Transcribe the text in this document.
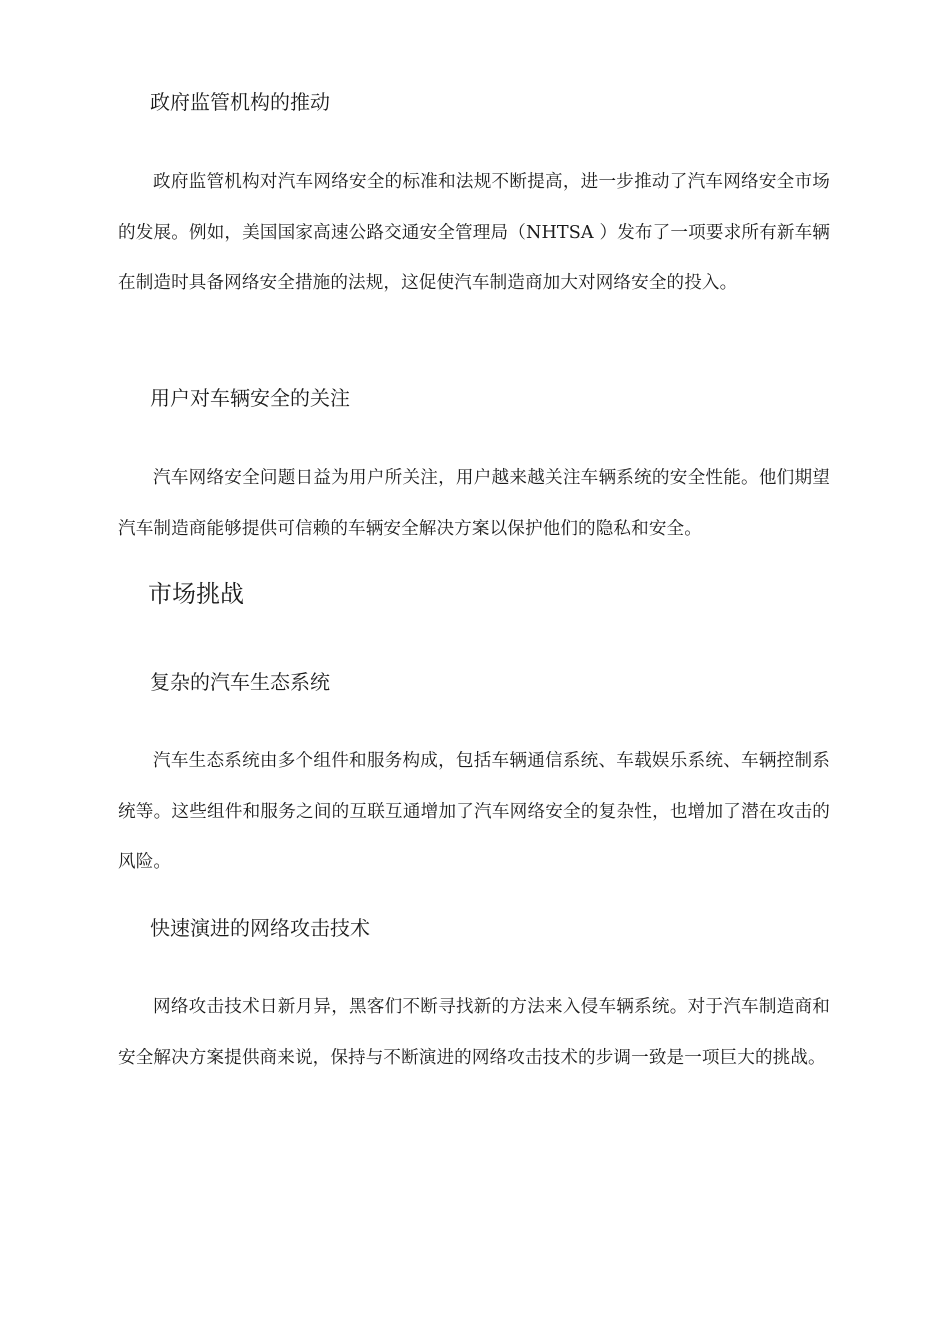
政府监管机构的推动

政府监管机构对汽车网络安全的标准和法规不断提高，进一步推动了汽车网络安全市场的发展。例如，美国国家高速公路交通安全管理局（NHTSA ）发布了一项要求所有新车辆在制造时具备网络安全措施的法规，这促使汽车制造商加大对网络安全的投入。

用户对车辆安全的关注

汽车网络安全问题日益为用户所关注，用户越来越关注车辆系统的安全性能。他们期望汽车制造商能够提供可信赖的车辆安全解决方案以保护他们的隐私和安全。

市场挑战
复杂的汽车生态系统

汽车生态系统由多个组件和服务构成，包括车辆通信系统、车载娱乐系统、车辆控制系统等。这些组件和服务之间的互联互通增加了汽车网络安全的复杂性，也增加了潜在攻击的风险。

快速演进的网络攻击技术

网络攻击技术日新月异，黑客们不断寻找新的方法来入侵车辆系统。对于汽车制造商和安全解决方案提供商来说，保持与不断演进的网络攻击技术的步调一致是一项巨大的挑战。
